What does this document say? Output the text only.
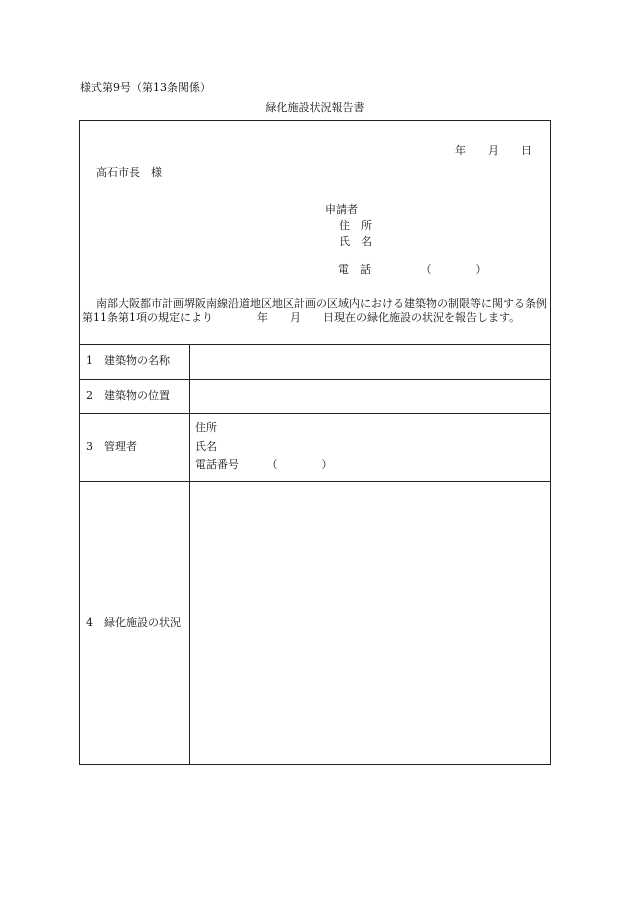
様式第9号（第13条関係）
緑化施設状況報告書
年　　月　　日
高石市長　様
申請者
住　所
氏　名
電　話　　　　　（　　　　）
南部大阪都市計画堺阪南線沿道地区地区計画の区域内における建築物の制限等に関する条例第11条第1項の規定により　　　　年　　月　　日現在の緑化施設の状況を報告します。
1　建築物の名称
2　建築物の位置
3　管理者
住所
氏名
電話番号　　　（　　　　）
4　緑化施設の状況
